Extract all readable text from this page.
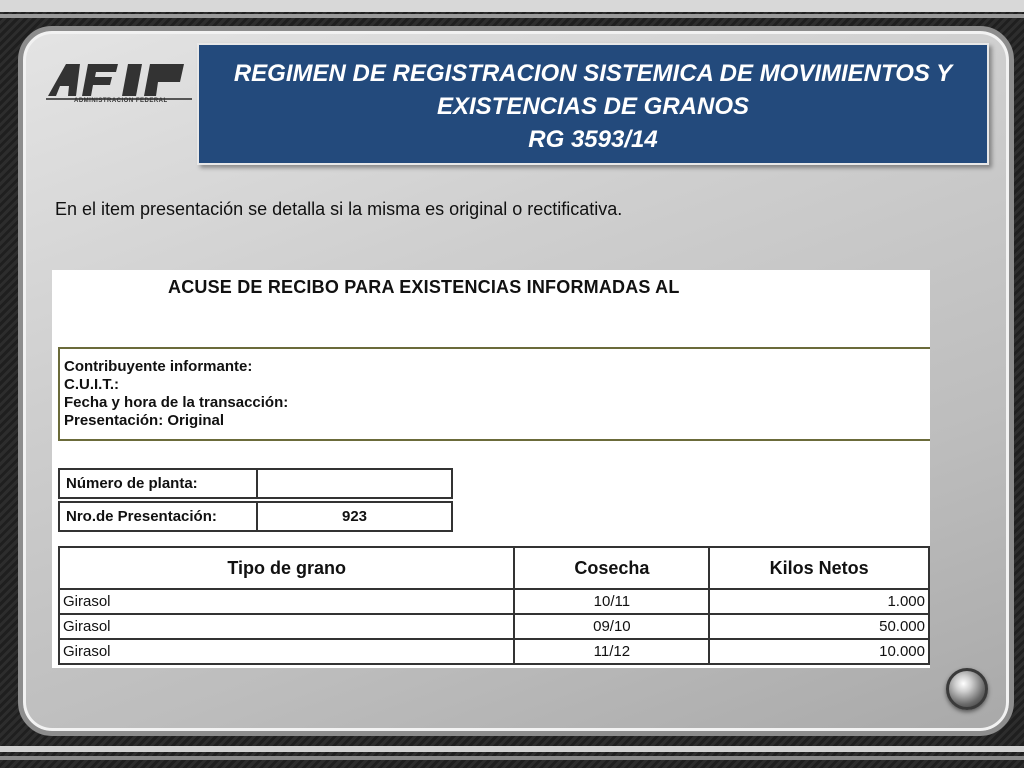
ADMINISTRACION FEDERAL
REGIMEN DE REGISTRACION SISTEMICA DE MOVIMIENTOS Y
EXISTENCIAS DE GRANOS
RG 3593/14
En el item presentación se detalla si la misma es original o rectificativa.
ACUSE DE RECIBO PARA EXISTENCIAS INFORMADAS AL
Contribuyente informante:
C.U.I.T.:
Fecha y hora de la transacción:
Presentación: Original
Número de planta:	

Nro.de Presentación:	923
Tipo de grano	Cosecha	Kilos Netos
Girasol	10/11	1.000
Girasol	09/10	50.000
Girasol	11/12	10.000
